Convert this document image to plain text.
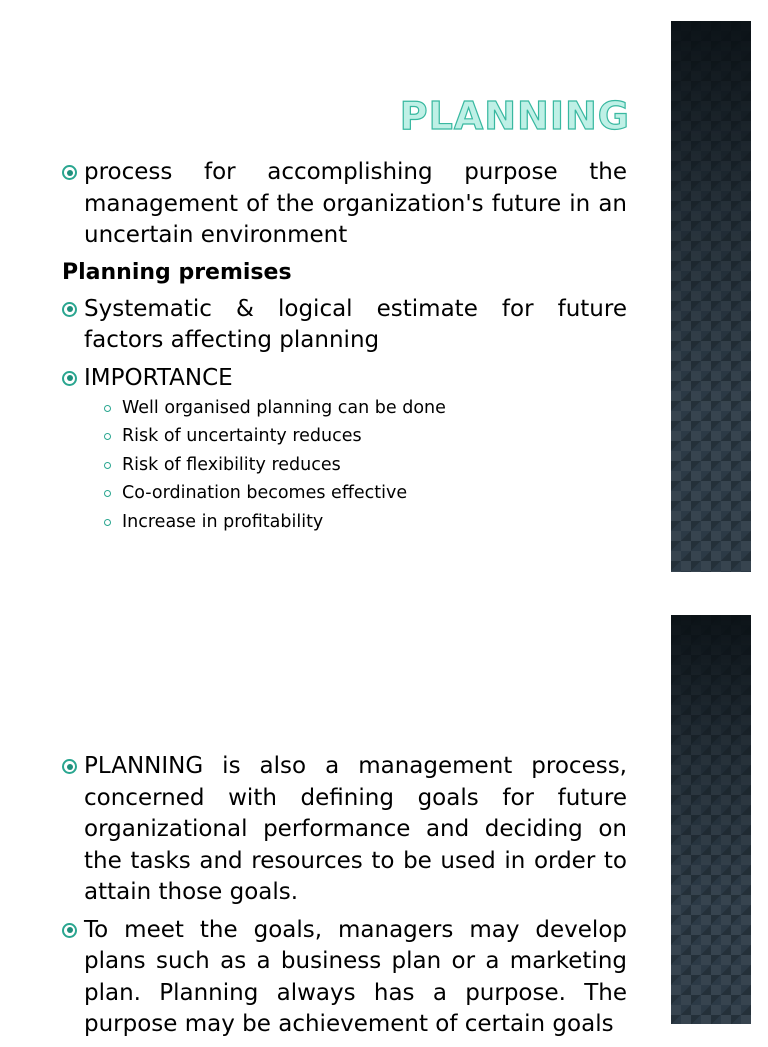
PLANNING
process for accomplishing purpose the management of the organization's future in an uncertain environment
Planning premises
Systematic & logical estimate for future factors affecting planning
IMPORTANCE
Well organised planning can be done
Risk of uncertainty reduces
Risk of flexibility reduces
Co-ordination becomes effective
Increase in profitability
PLANNING is also a management process, concerned with defining goals for future organizational performance and deciding on the tasks and resources to be used in order to attain those goals.
To meet the goals, managers may develop plans such as a business plan or a marketing plan. Planning always has a purpose. The purpose may be achievement of certain goals
